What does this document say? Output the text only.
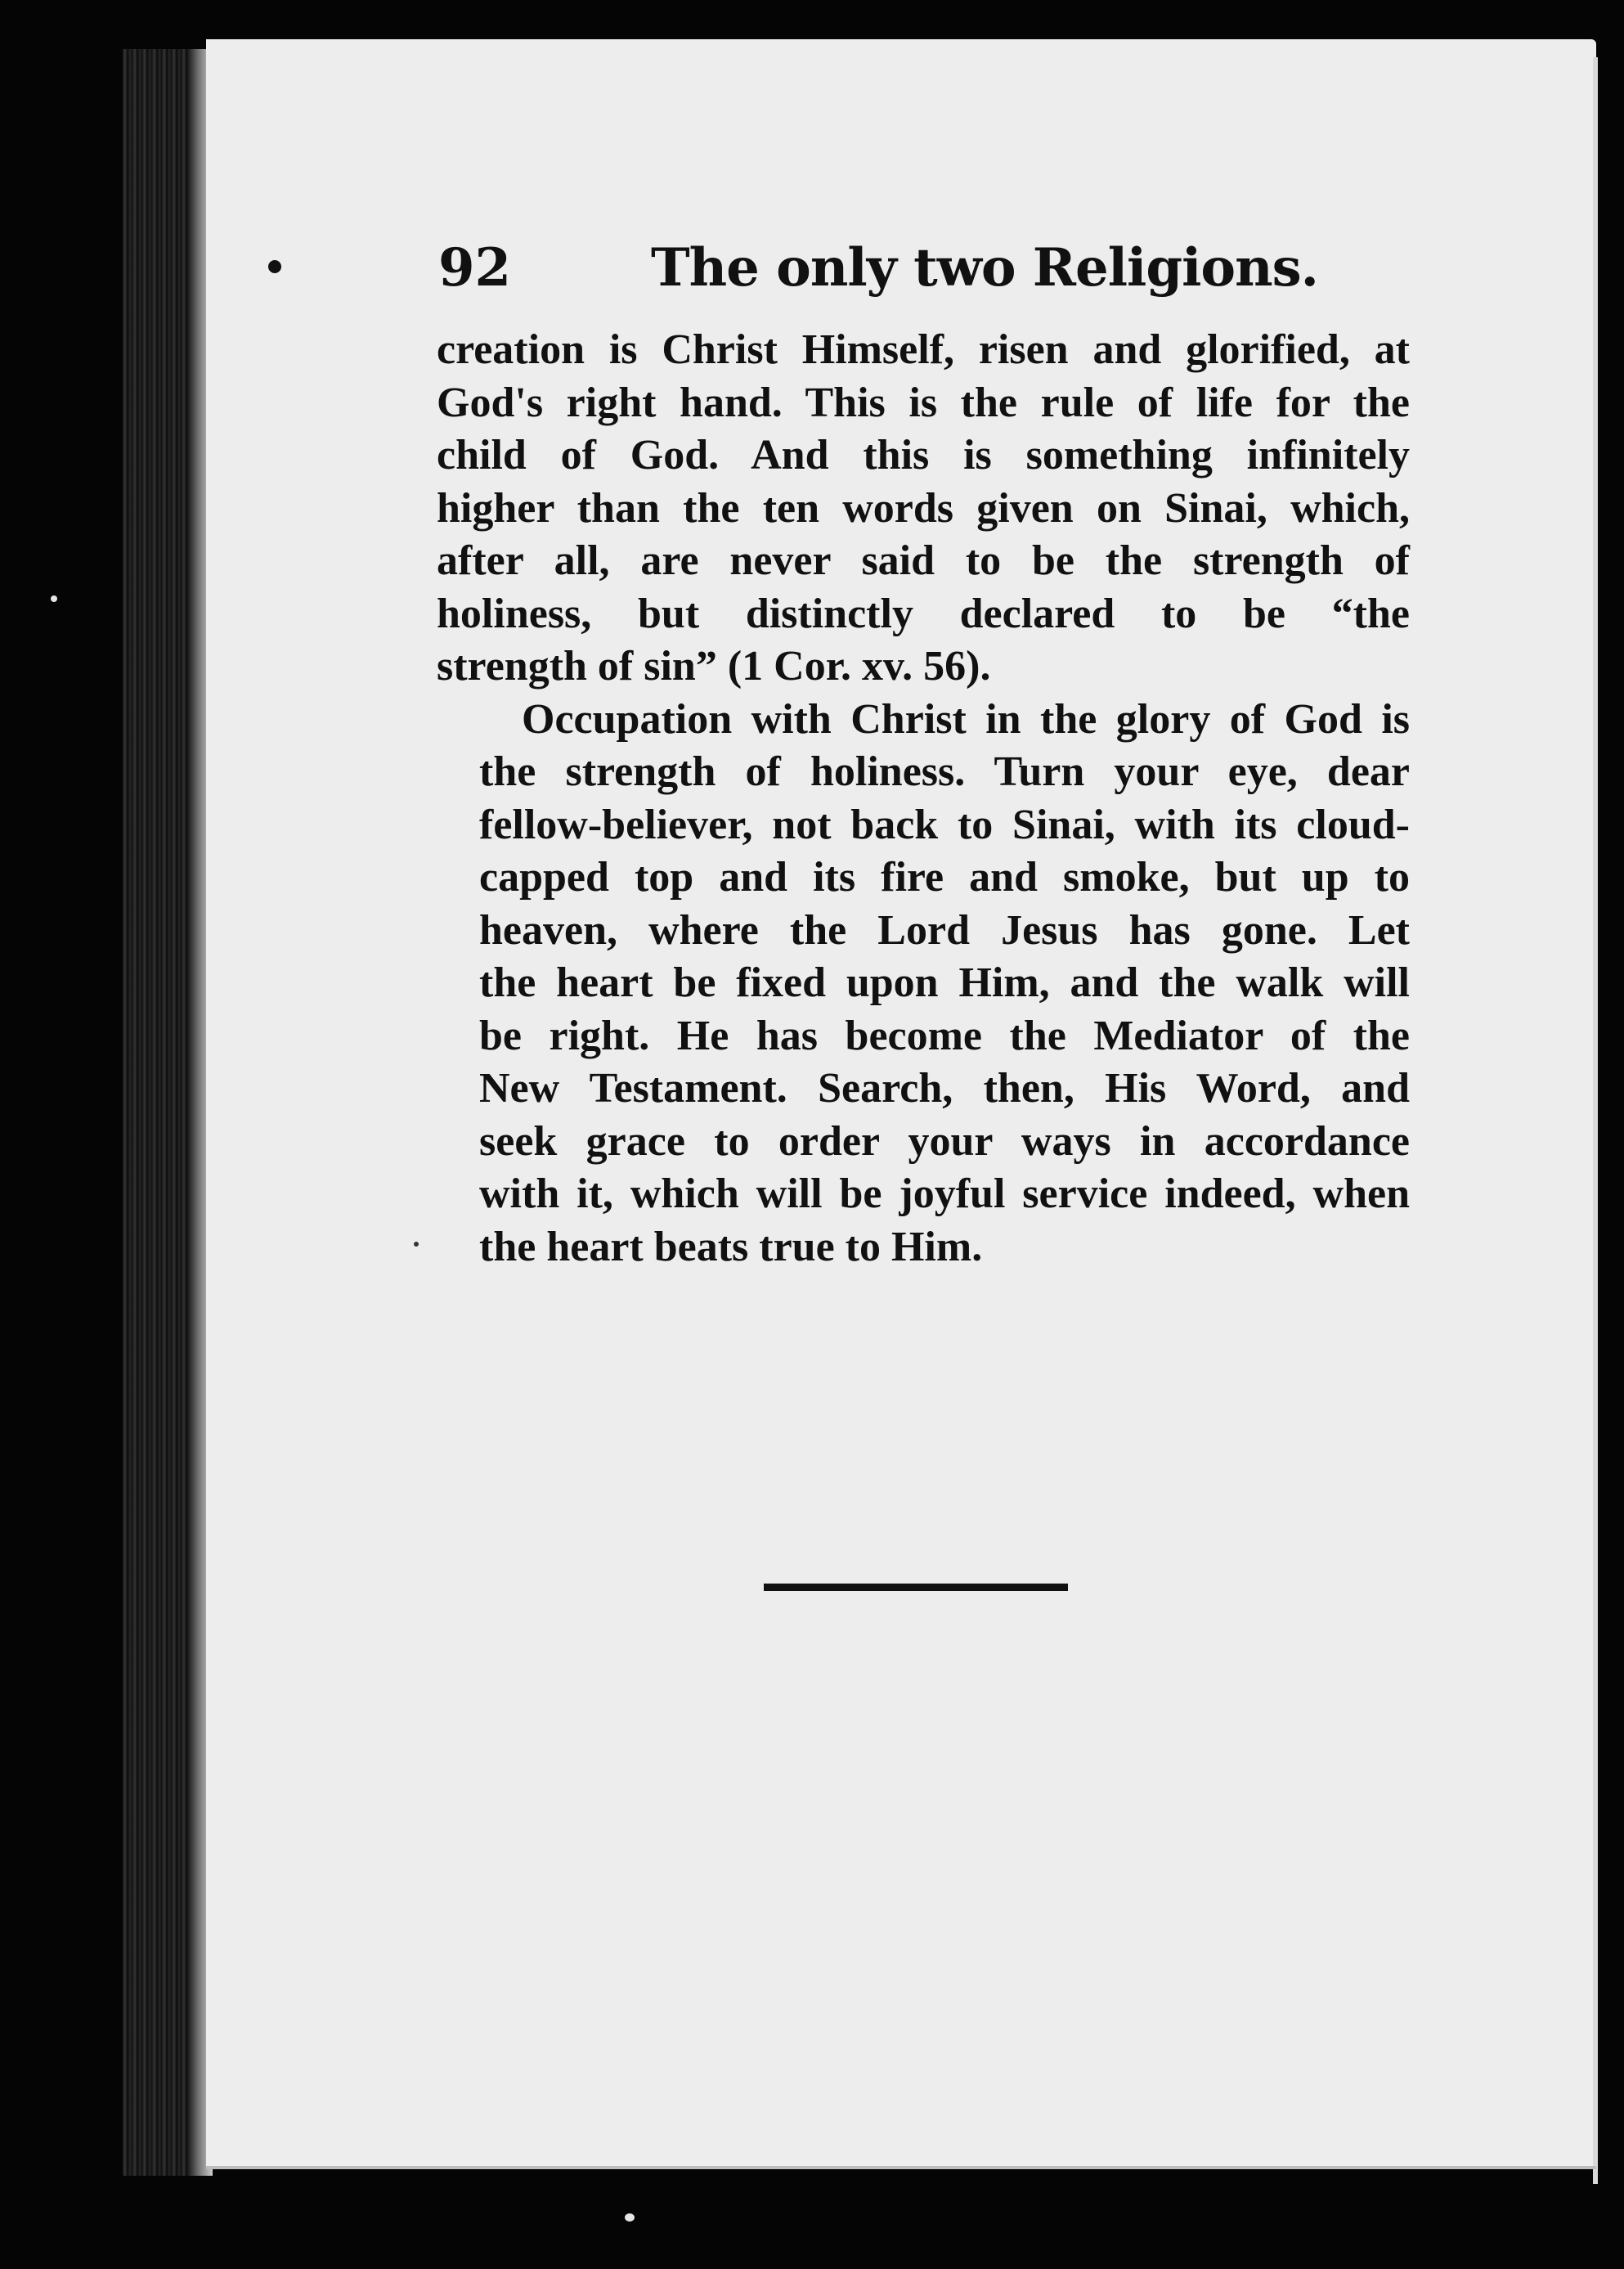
92	The only two Religions.

creation is Christ Himself, risen and glorified, at
God's right hand. This is the rule of life for the
child of God. And this is something infinitely
higher than the ten words given on Sinai, which,
after all, are never said to be the strength of
holiness, but distinctly declared to be “the
strength of sin” (1 Cor. xv. 56).

Occupation with Christ in the glory of God is
the strength of holiness. Turn your eye, dear
fellow-believer, not back to Sinai, with its cloud-
capped top and its fire and smoke, but up to
heaven, where the Lord Jesus has gone. Let
the heart be fixed upon Him, and the walk will
be right. He has become the Mediator of the
New Testament. Search, then, His Word, and
seek grace to order your ways in accordance
with it, which will be joyful service indeed, when
the heart beats true to Him.
